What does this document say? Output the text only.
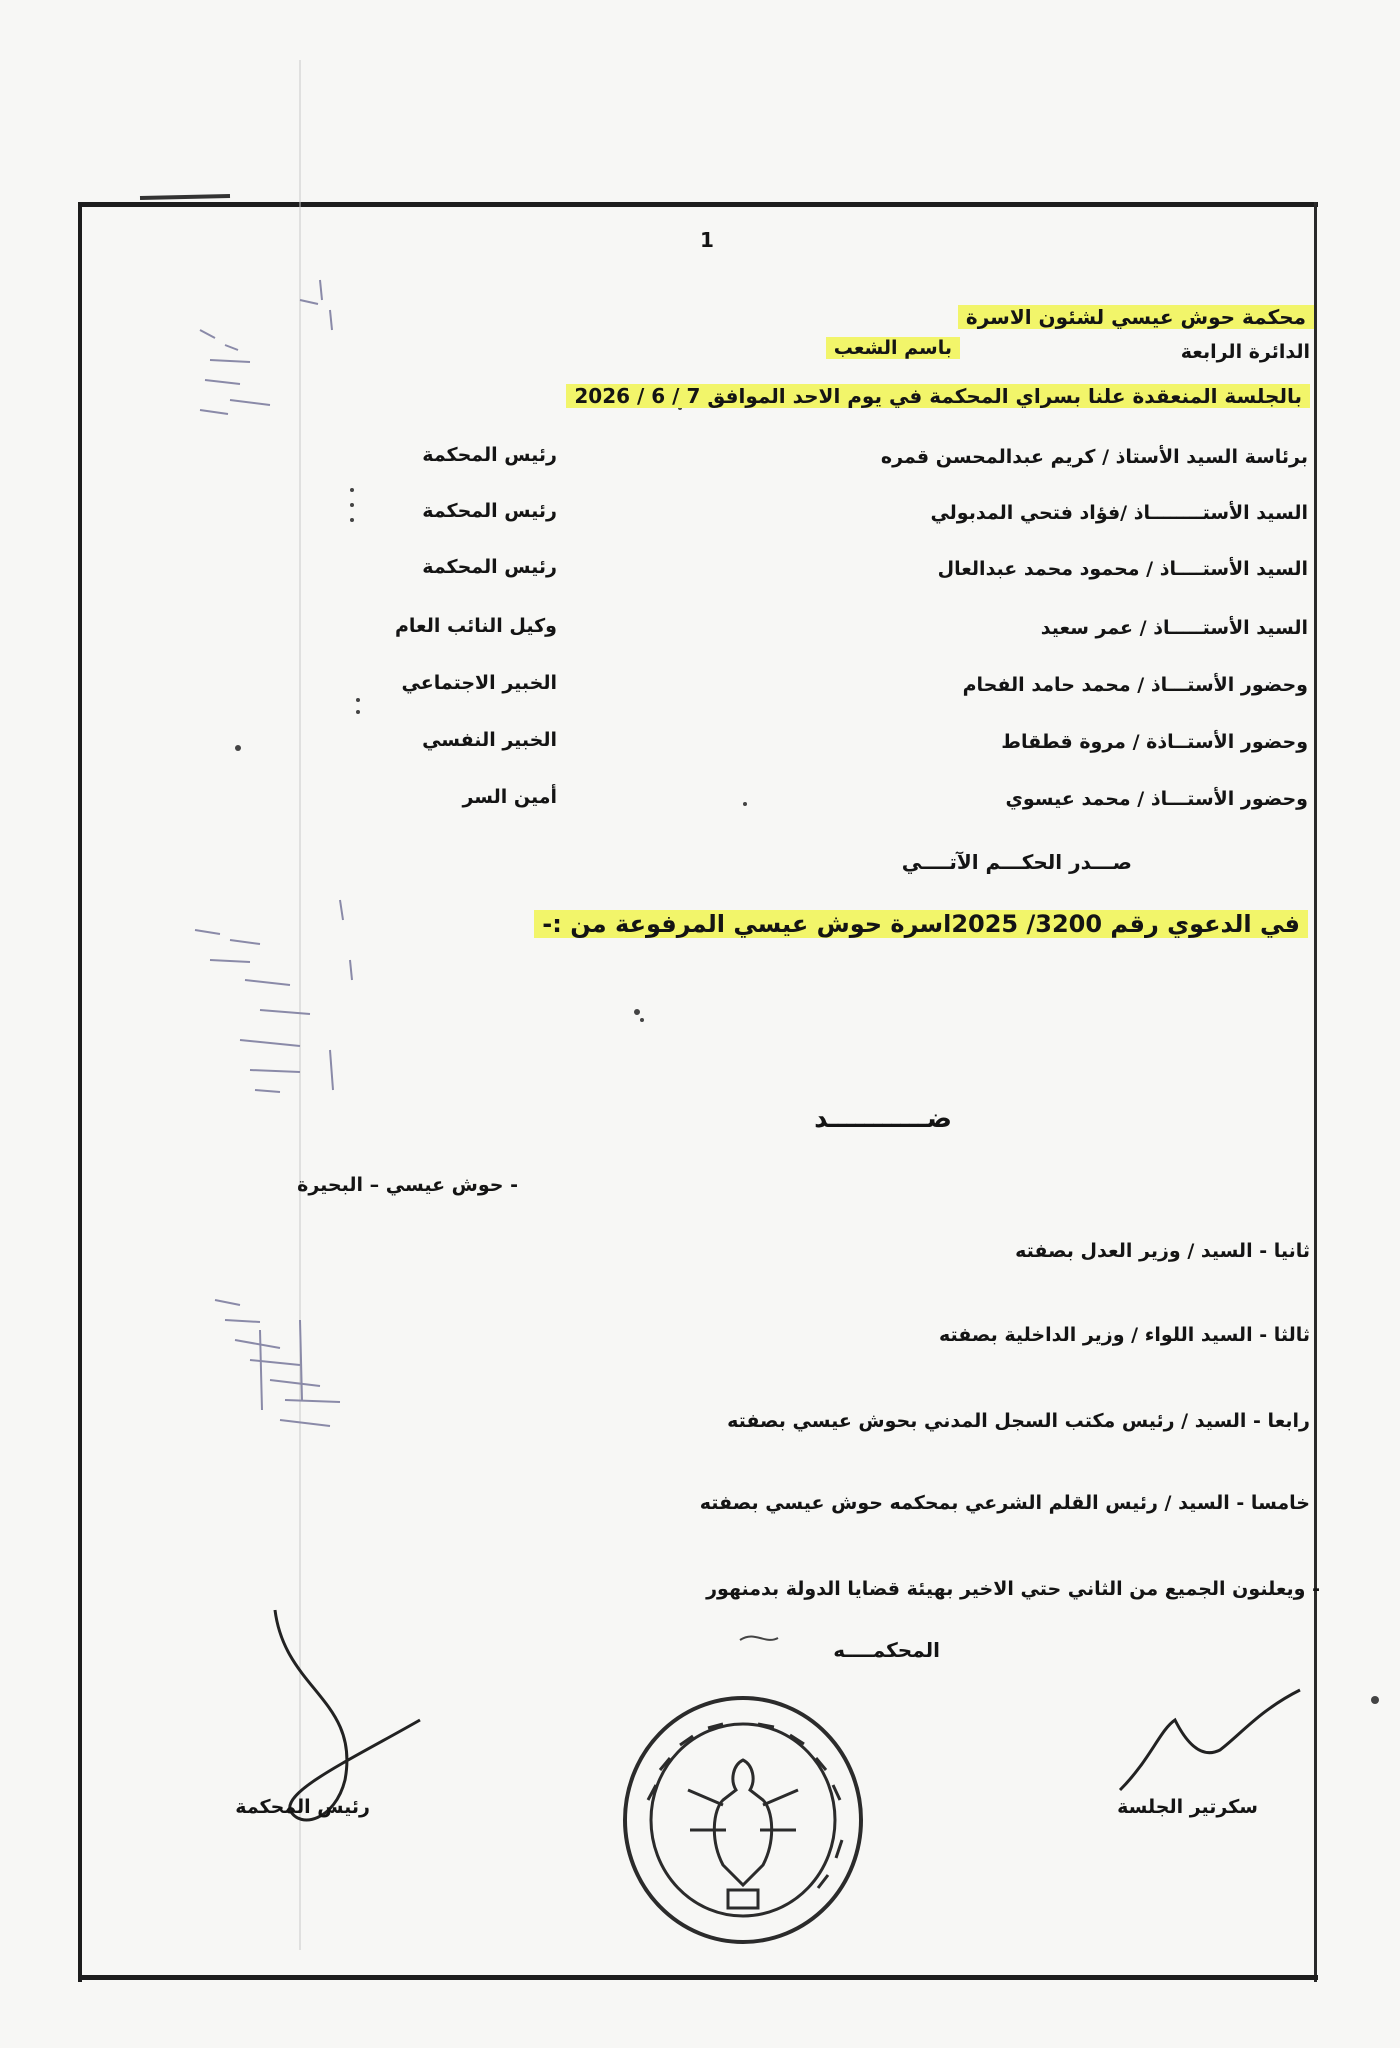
1
محكمة حوش عيسي لشئون الاسرة
الدائرة الرابعة
باسم الشعب
بالجلسة المنعقدة علنا بسراي المحكمة في يوم الاحد الموافق 7 / 6 / 2026
برئاسة السيد الأستاذ / كريم عبدالمحسن قمره
رئيس المحكمة
السيد الأستــــــــاذ /فؤاد فتحي المدبولي
رئيس المحكمة
السيد الأستــــاذ / محمود محمد عبدالعال
رئيس المحكمة
السيد الأستـــــاذ / عمر سعيد
وكيل النائب العام
وحضور الأستـــاذ / محمد حامد الفحام
الخبير الاجتماعي
وحضور الأستــاذة / مروة قطقاط
الخبير النفسي
وحضور الأستـــاذ / محمد عيسوي
أمين السر
صـــدر الحكـــم الآتــــي
في الدعوي رقم 3200/ 2025اسرة حوش عيسي المرفوعة من :-
ضـــــــــــد
- حوش عيسي – البحيرة
ثانيا - السيد / وزير العدل بصفته
ثالثا - السيد اللواء / وزير الداخلية بصفته
رابعا - السيد / رئيس مكتب السجل المدني بحوش عيسي بصفته
خامسا - السيد / رئيس القلم الشرعي بمحكمه حوش عيسي بصفته
- ويعلنون الجميع من الثاني حتي الاخير بهيئة قضايا الدولة بدمنهور
المحكمــــه
سكرتير الجلسة
رئيس المحكمة
